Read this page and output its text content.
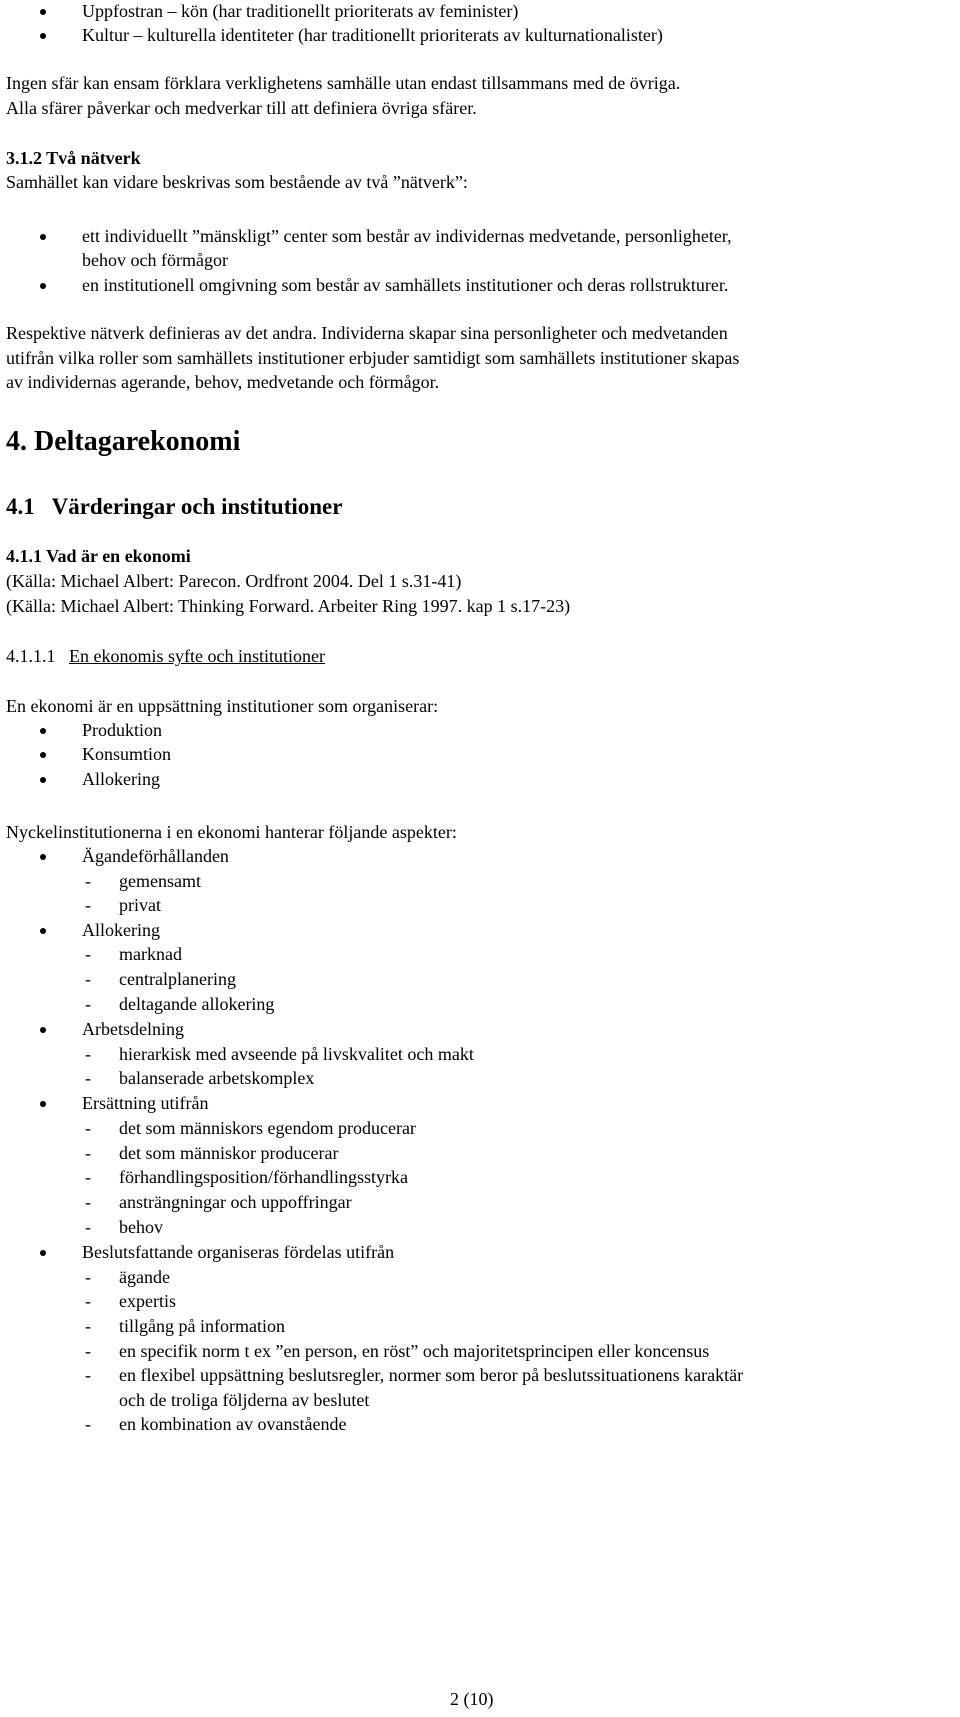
Uppfostran – kön (har traditionellt prioriterats av feminister)
Kultur – kulturella identiteter (har traditionellt prioriterats av kulturnationalister)
Ingen sfär kan ensam förklara verklighetens samhälle utan endast tillsammans med de övriga.
Alla sfärer påverkar och medverkar till att definiera övriga sfärer.
3.1.2 Två nätverk
Samhället kan vidare beskrivas som bestående av två ”nätverk”:
ett individuellt ”mänskligt” center som består av individernas medvetande, personligheter,
behov och förmågor
en institutionell omgivning som består av samhällets institutioner och deras rollstrukturer.
Respektive nätverk definieras av det andra. Individerna skapar sina personligheter och medvetanden
utifrån vilka roller som samhällets institutioner erbjuder samtidigt som samhällets institutioner skapas
av individernas agerande, behov, medvetande och förmågor.
4. Deltagarekonomi
4.1   Värderingar och institutioner
4.1.1 Vad är en ekonomi
(Källa: Michael Albert: Parecon. Ordfront 2004. Del 1 s.31-41)
(Källa: Michael Albert: Thinking Forward. Arbeiter Ring 1997. kap 1 s.17-23)
4.1.1.1 En ekonomis syfte och institutioner
En ekonomi är en uppsättning institutioner som organiserar:
Produktion
Konsumtion
Allokering
Nyckelinstitutionerna i en ekonomi hanterar följande aspekter:
Ägandeförhållanden
- gemensamt
- privat
Allokering
- marknad
- centralplanering
- deltagande allokering
Arbetsdelning
- hierarkisk med avseende på livskvalitet och makt
- balanserade arbetskomplex
Ersättning utifrån
- det som människors egendom producerar
- det som människor producerar
- förhandlingsposition/förhandlingsstyrka
- ansträngningar och uppoffringar
- behov
Beslutsfattande organiseras fördelas utifrån
- ägande
- expertis
- tillgång på information
- en specifik norm t ex ”en person, en röst” och majoritetsprincipen eller koncensus
- en flexibel uppsättning beslutsregler, normer som beror på beslutssituationens karaktär
och de troliga följderna av beslutet
- en kombination av ovanstående
2 (10)
